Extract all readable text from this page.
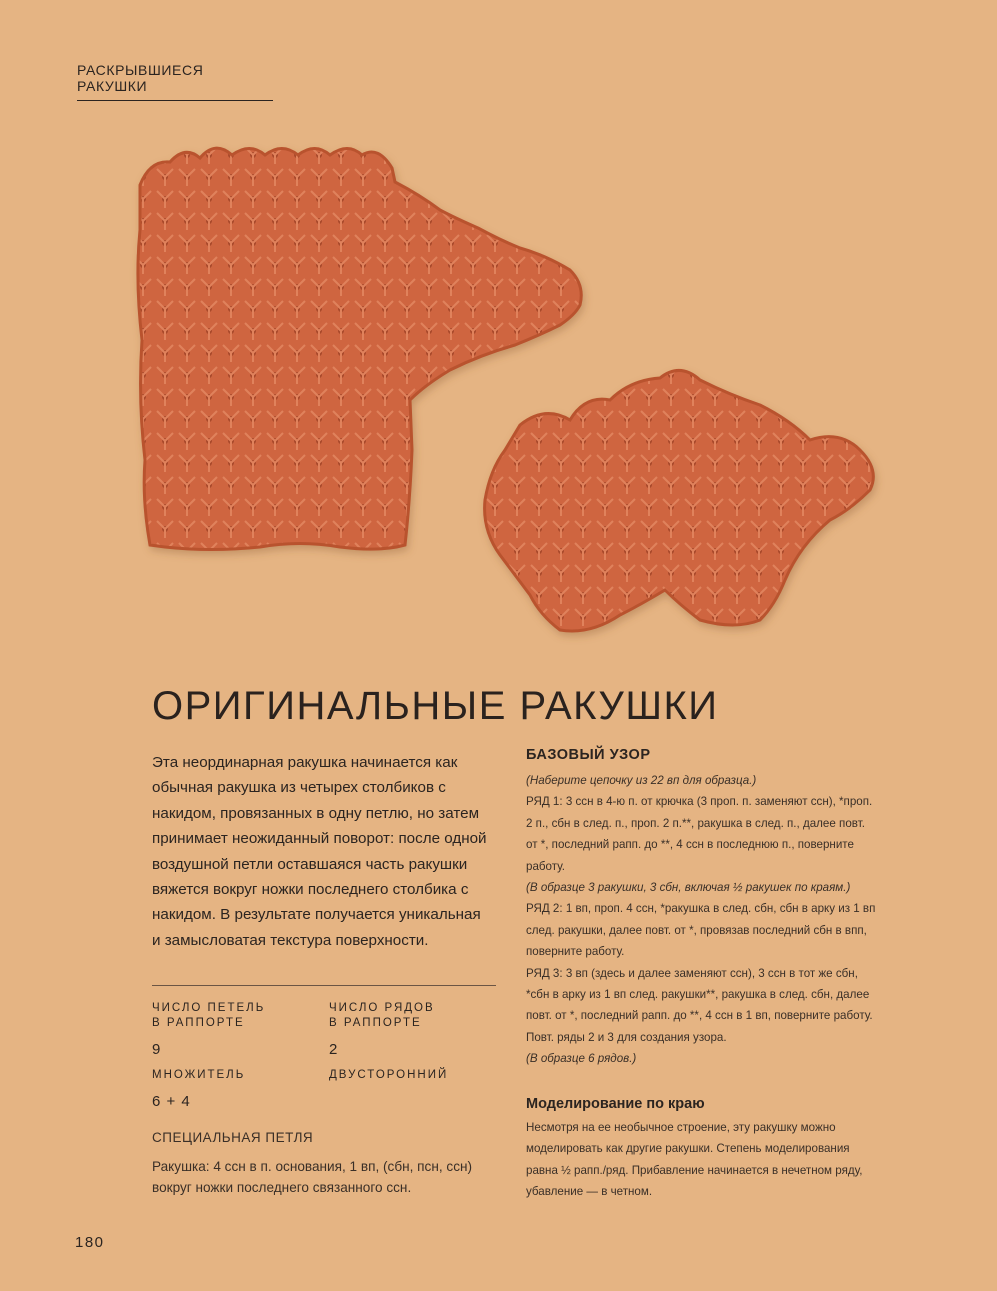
РАСКРЫВШИЕСЯ РАКУШКИ
ОРИГИНАЛЬНЫЕ РАКУШКИ

Эта неординарная ракушка начинается как обычная ракушка из четырех столбиков с накидом, провязанных в одну петлю, но затем принимает неожиданный поворот: после одной воздушной петли оставшаяся часть ракушки вяжется вокруг ножки последнего столбика с накидом. В результате получается уникальная и замысловатая текстура поверхности.

ЧИСЛО ПЕТЕЛЬ
В РАППОРТЕ
ЧИСЛО РЯДОВ
В РАППОРТЕ
9	2
МНОЖИТЕЛЬ	ДВУСТОРОННИЙ
6 + 4
СПЕЦИАЛЬНАЯ ПЕТЛЯ

Ракушка: 4 ссн в п. основания, 1 вп, (сбн, псн, ссн) вокруг ножки последнего связанного ссн.

БАЗОВЫЙ УЗОР

(Наберите цепочку из 22 вп для образца.)

РЯД 1: 3 ссн в 4-ю п. от крючка (3 проп. п. заменяют ссн), *проп. 2 п., сбн в след. п., проп. 2 п.**, ракушка в след. п., далее повт. от *, последний рапп. до **, 4 ссн в последнюю п., поверните работу.

(В образце 3 ракушки, 3 сбн, включая ½ ракушек по краям.)

РЯД 2: 1 вп, проп. 4 ссн, *ракушка в след. сбн, сбн в арку из 1 вп след. ракушки, далее повт. от *, провязав последний сбн в впп, поверните работу.

РЯД 3: 3 вп (здесь и далее заменяют ссн), 3 ссн в тот же сбн, *сбн в арку из 1 вп след. ракушки**, ракушка в след. сбн, далее повт. от *, последний рапп. до **, 4 ссн в 1 вп, поверните работу.

Повт. ряды 2 и 3 для создания узора.

(В образце 6 рядов.)

Моделирование по краю

Несмотря на ее необычное строение, эту ракушку можно моделировать как другие ракушки. Степень моделирования равна ½ рапп./ряд. Прибавление начинается в нечетном ряду, убавление — в четном.

180
